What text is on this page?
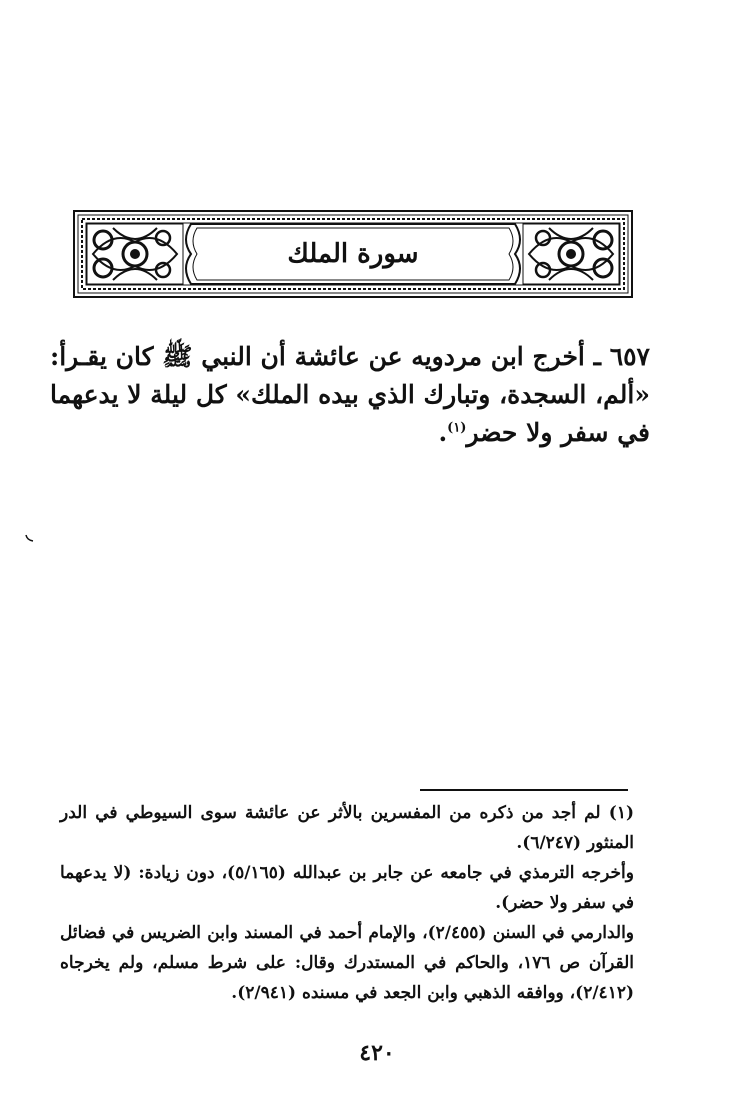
سورة الملك

٦٥٧ ـ أخرج ابن مردويه عن عائشة أن النبي ﷺ كان يقـرأ: «ألم، السجدة، وتبارك الذي بيده الملك» كل ليلة لا يدعهما في سفر ولا حضر$^{(١)}$.

(١) لم أجد من ذكره من المفسرين بالأثر عن عائشة سوى السيوطي في الدر المنثور (٦/٢٤٧).

وأخرجه الترمذي في جامعه عن جابر بن عبدالله (٥/١٦٥)، دون زيادة: (لا يدعهما في سفر ولا حضر).

والدارمي في السنن (٢/٤٥٥)، والإمام أحمد في المسند وابن الضريس في فضائل القرآن ص ١٧٦، والحاكم في المستدرك وقال: على شرط مسلم، ولم يخرجاه (٢/٤١٢)، ووافقه الذهبي وابن الجعد في مسنده (٢/٩٤١).

٤٢٠
